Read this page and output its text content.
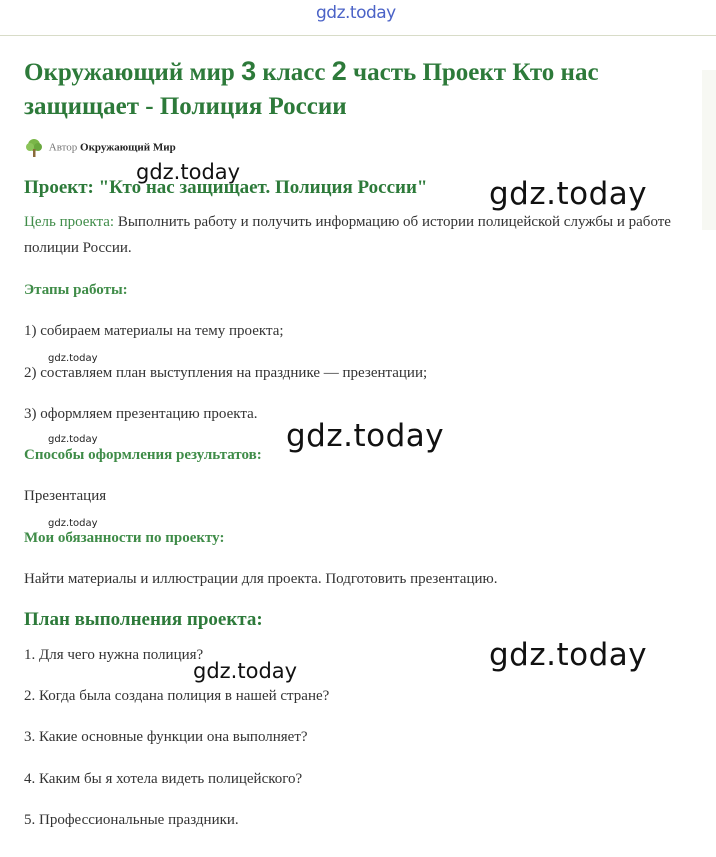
gdz.today
Окружающий мир 3 класс 2 часть Проект Кто нас защищает - Полиция России
Автор Окружающий Мир
Проект: "Кто нас защищает. Полиция России"

Цель проекта: Выполнить работу и получить информацию об истории полицейской службы и работе полиции России.

Этапы работы:

1) собираем материалы на тему проекта;

2) составляем план выступления на празднике — презентации;

3) оформляем презентацию проекта.

Способы оформления результатов:

Презентация

Мои обязанности по проекту:

Найти материалы и иллюстрации для проекта. Подготовить презентацию.

План выполнения проекта:

1. Для чего нужна полиция?

2. Когда была создана полиция в нашей стране?

3. Какие основные функции она выполняет?

4. Каким бы я хотела видеть полицейского?

5. Профессиональные праздники.

gdz.today
gdz.today
gdz.today
gdz.today	gdz.today
gdz.today
gdz.today
gdz.today
